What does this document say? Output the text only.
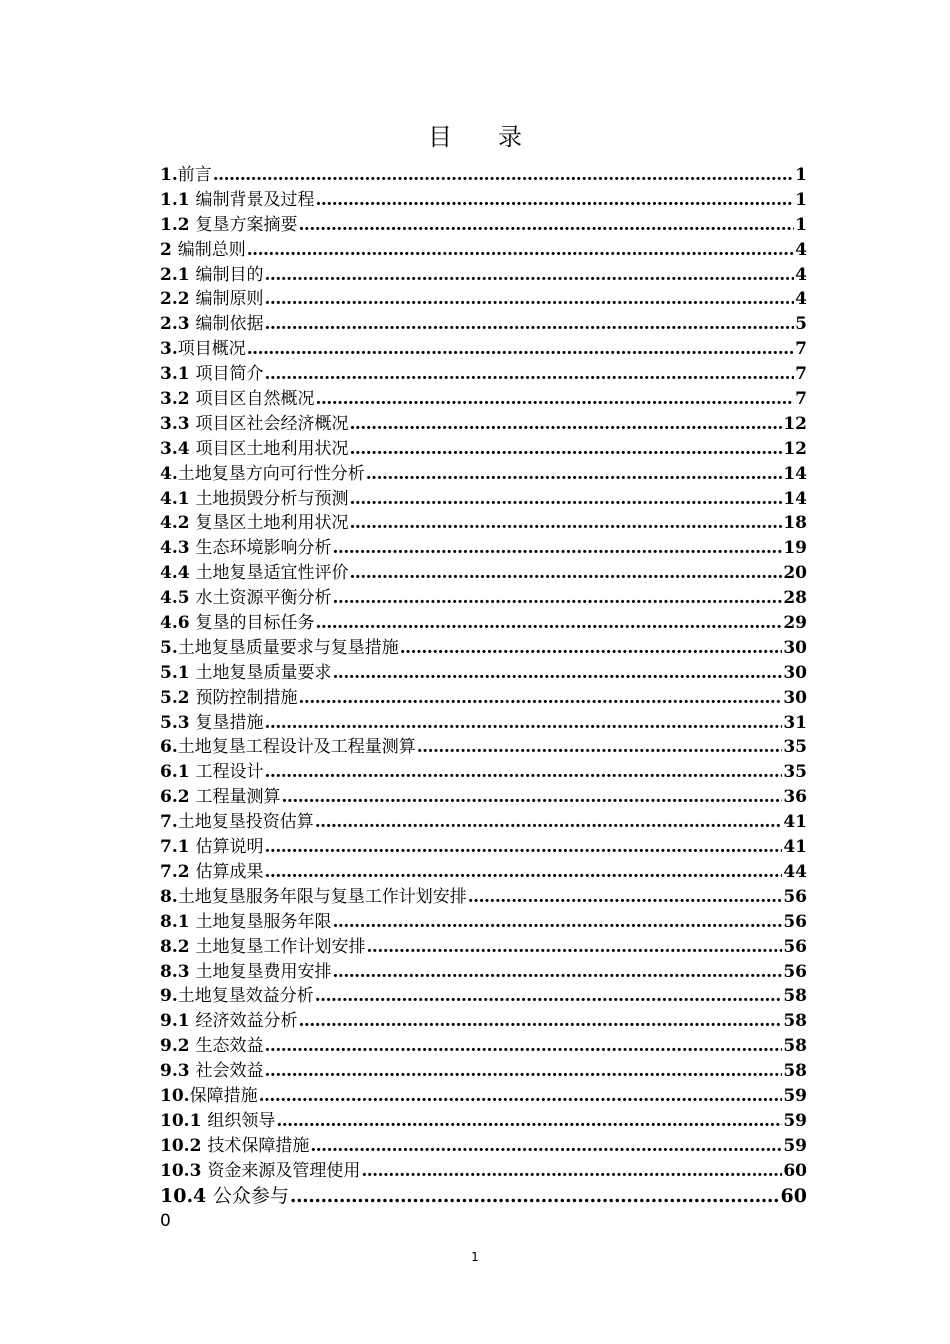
目 录
1.前言 .....	1
1.1 编制背景及过程 .....	1
1.2 复垦方案摘要 .....	1
2 编制总则 .....	4
2.1 编制目的 .....	4
2.2 编制原则 .....	4
2.3 编制依据 .....	5
3.项目概况 .....	7
3.1 项目简介 .....	7
3.2 项目区自然概况 .....	7
3.3 项目区社会经济概况 .....	12
3.4 项目区土地利用状况 .....	12
4.土地复垦方向可行性分析 .....	14
4.1 土地损毁分析与预测 .....	14
4.2 复垦区土地利用状况 .....	18
4.3 生态环境影响分析 .....	19
4.4 土地复垦适宜性评价 .....	20
4.5 水土资源平衡分析 .....	28
4.6 复垦的目标任务 .....	29
5.土地复垦质量要求与复垦措施 .....	30
5.1 土地复垦质量要求 .....	30
5.2 预防控制措施 .....	30
5.3 复垦措施 .....	31
6.土地复垦工程设计及工程量测算 .....	35
6.1 工程设计 .....	35
6.2 工程量测算 .....	36
7.土地复垦投资估算 .....	41
7.1 估算说明 .....	41
7.2 估算成果 .....	44
8.土地复垦服务年限与复垦工作计划安排 .....	56
8.1 土地复垦服务年限 .....	56
8.2 土地复垦工作计划安排 .....	56
8.3 土地复垦费用安排 .....	56
9.土地复垦效益分析 .....	58
9.1 经济效益分析 .....	58
9.2 生态效益 .....	58
9.3 社会效益 .....	58
10.保障措施 .....	59
10.1 组织领导 .....	59
10.2 技术保障措施 .....	59
10.3 资金来源及管理使用 .....	60
10.4 公众参与 .....	60
0
1
